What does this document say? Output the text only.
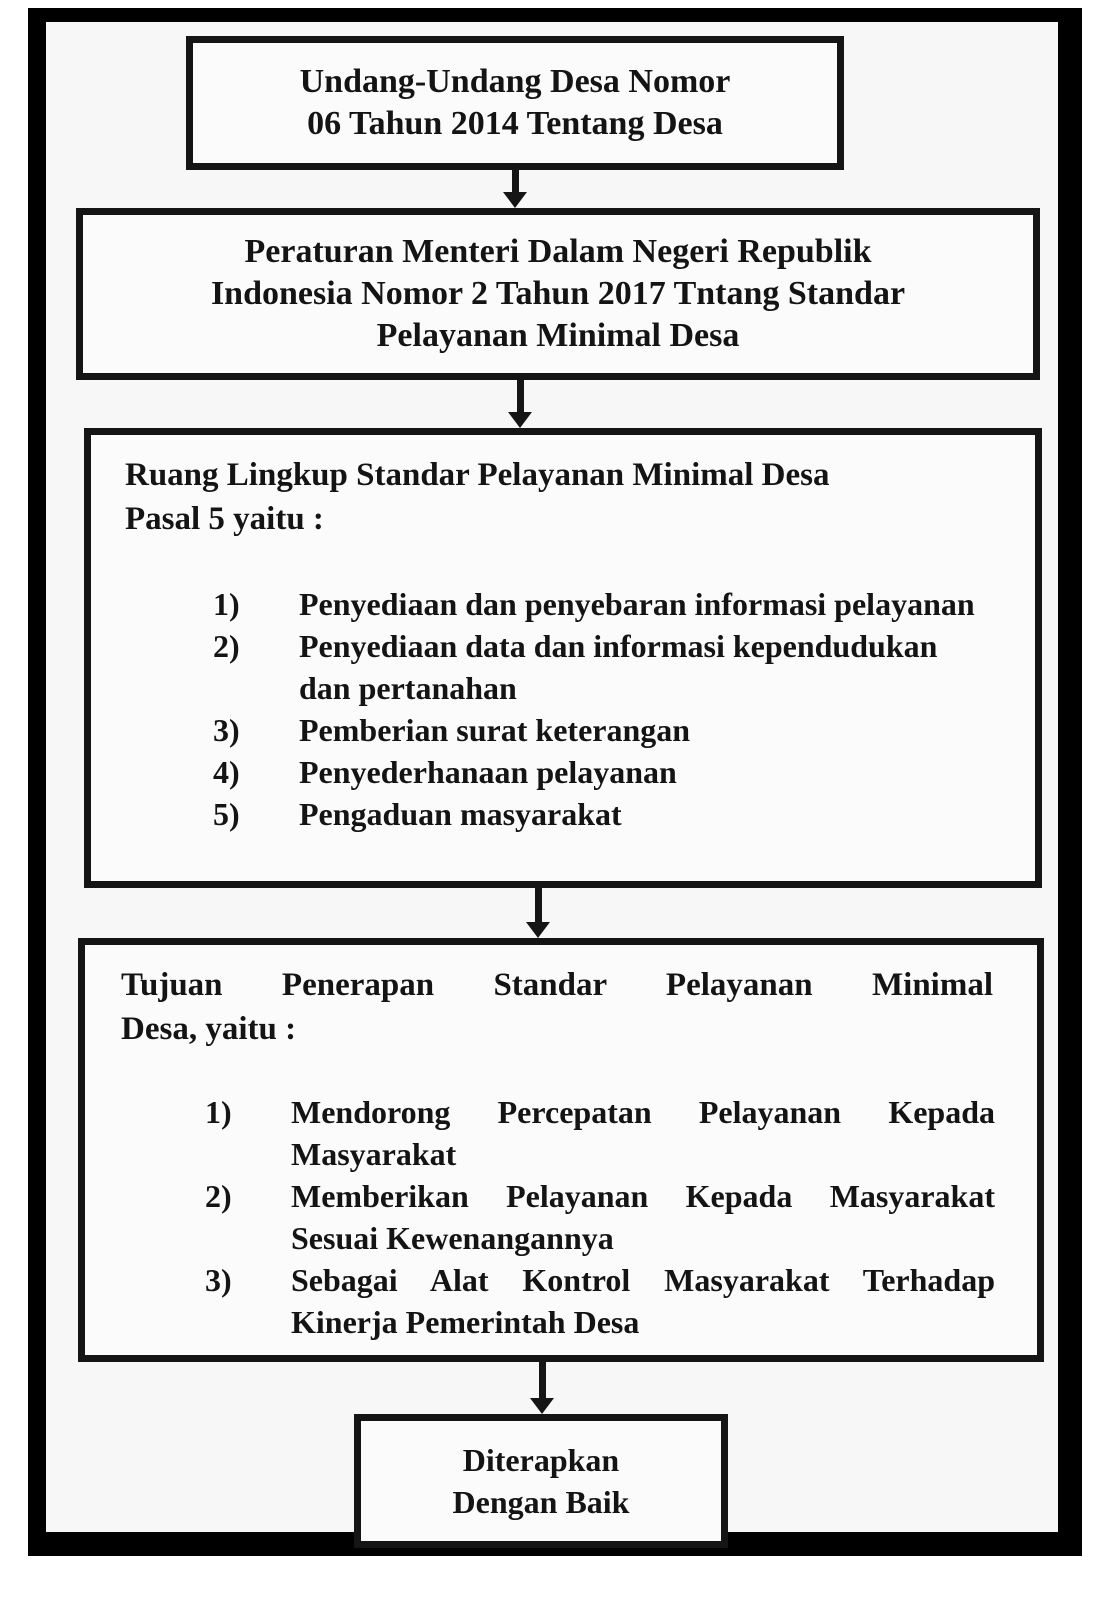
Undang-Undang Desa Nomor
06 Tahun 2014 Tentang Desa
Peraturan Menteri Dalam Negeri Republik
Indonesia Nomor 2 Tahun 2017 Tntang Standar
Pelayanan Minimal Desa
Ruang Lingkup Standar Pelayanan Minimal Desa
Pasal 5 yaitu :
1) Penyediaan dan penyebaran informasi pelayanan
2) Penyediaan data dan informasi kependudukan dan pertanahan
3) Pemberian surat keterangan
4) Penyederhanaan pelayanan
5) Pengaduan masyarakat
Tujuan Penerapan Standar Pelayanan Minimal
Desa, yaitu :
1) Mendorong Percepatan Pelayanan Kepada Masyarakat
2) Memberikan Pelayanan Kepada Masyarakat Sesuai Kewenangannya
3) Sebagai Alat Kontrol Masyarakat Terhadap Kinerja Pemerintah Desa
Diterapkan
Dengan Baik
